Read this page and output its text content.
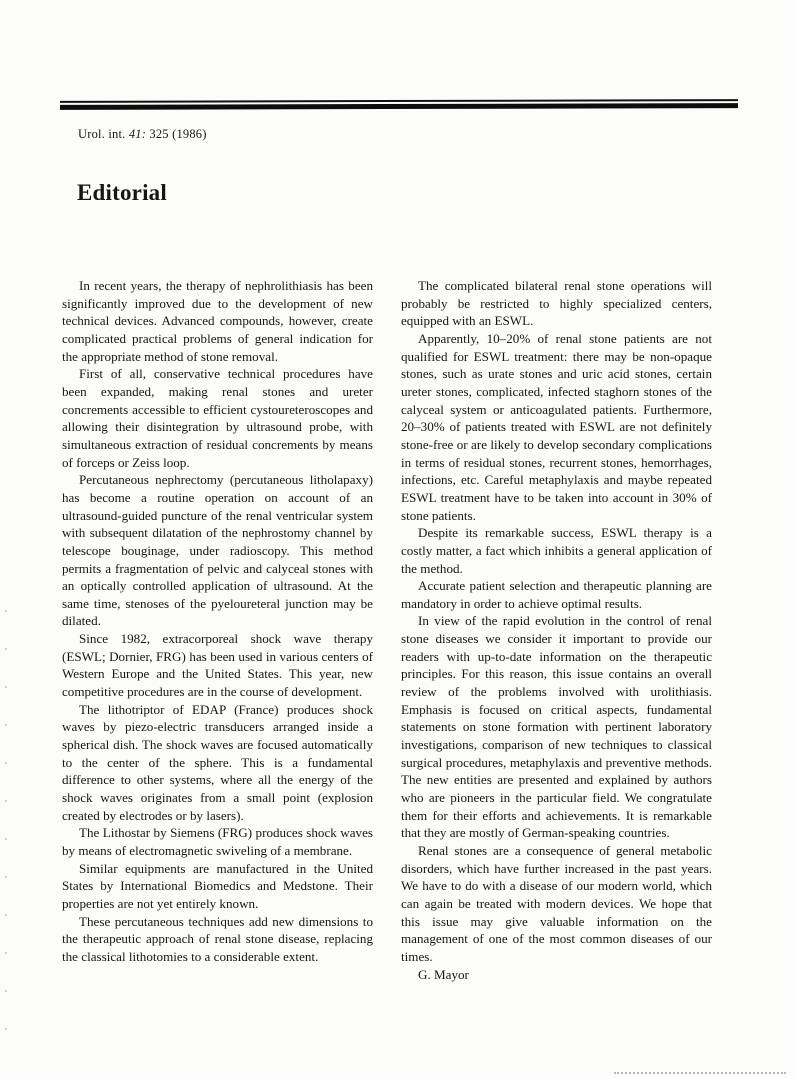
Urol. int. 41: 325 (1986)
Editorial

In recent years, the therapy of nephrolithiasis has been significantly improved due to the development of new technical devices. Advanced compounds, however, create complicated practical problems of general indication for the appropriate method of stone removal.

First of all, conservative technical procedures have been expanded, making renal stones and ureter concrements accessible to efficient cystoureteroscopes and allowing their disintegration by ultrasound probe, with simultaneous extraction of residual concrements by means of forceps or Zeiss loop.

Percutaneous nephrectomy (percutaneous litholapaxy) has become a routine operation on account of an ultrasound-guided puncture of the renal ventricular system with subsequent dilatation of the nephrostomy channel by telescope bouginage, under radioscopy. This method permits a fragmentation of pelvic and calyceal stones with an optically controlled application of ultrasound. At the same time, stenoses of the pyeloureteral junction may be dilated.

Since 1982, extracorporeal shock wave therapy (ESWL; Dornier, FRG) has been used in various centers of Western Europe and the United States. This year, new competitive procedures are in the course of development.

The lithotriptor of EDAP (France) produces shock waves by piezo-electric transducers arranged inside a spherical dish. The shock waves are focused automatically to the center of the sphere. This is a fundamental difference to other systems, where all the energy of the shock waves originates from a small point (explosion created by electrodes or by lasers).

The Lithostar by Siemens (FRG) produces shock waves by means of electromagnetic swiveling of a membrane.

Similar equipments are manufactured in the United States by International Biomedics and Medstone. Their properties are not yet entirely known.

These percutaneous techniques add new dimensions to the therapeutic approach of renal stone disease, replacing the classical lithotomies to a considerable extent.

The complicated bilateral renal stone operations will probably be restricted to highly specialized centers, equipped with an ESWL.

Apparently, 10–20% of renal stone patients are not qualified for ESWL treatment: there may be non-opaque stones, such as urate stones and uric acid stones, certain ureter stones, complicated, infected staghorn stones of the calyceal system or anticoagulated patients. Furthermore, 20–30% of patients treated with ESWL are not definitely stone-free or are likely to develop secondary complications in terms of residual stones, recurrent stones, hemorrhages, infections, etc. Careful metaphylaxis and maybe repeated ESWL treatment have to be taken into account in 30% of stone patients.

Despite its remarkable success, ESWL therapy is a costly matter, a fact which inhibits a general application of the method.

Accurate patient selection and therapeutic planning are mandatory in order to achieve optimal results.

In view of the rapid evolution in the control of renal stone diseases we consider it important to provide our readers with up-to-date information on the therapeutic principles. For this reason, this issue contains an overall review of the problems involved with urolithiasis. Emphasis is focused on critical aspects, fundamental statements on stone formation with pertinent laboratory investigations, comparison of new techniques to classical surgical procedures, metaphylaxis and preventive methods. The new entities are presented and explained by authors who are pioneers in the particular field. We congratulate them for their efforts and achievements. It is remarkable that they are mostly of German-speaking countries.

Renal stones are a consequence of general metabolic disorders, which have further increased in the past years. We have to do with a disease of our modern world, which can again be treated with modern devices. We hope that this issue may give valuable information on the management of one of the most common diseases of our times.

G. Mayor
